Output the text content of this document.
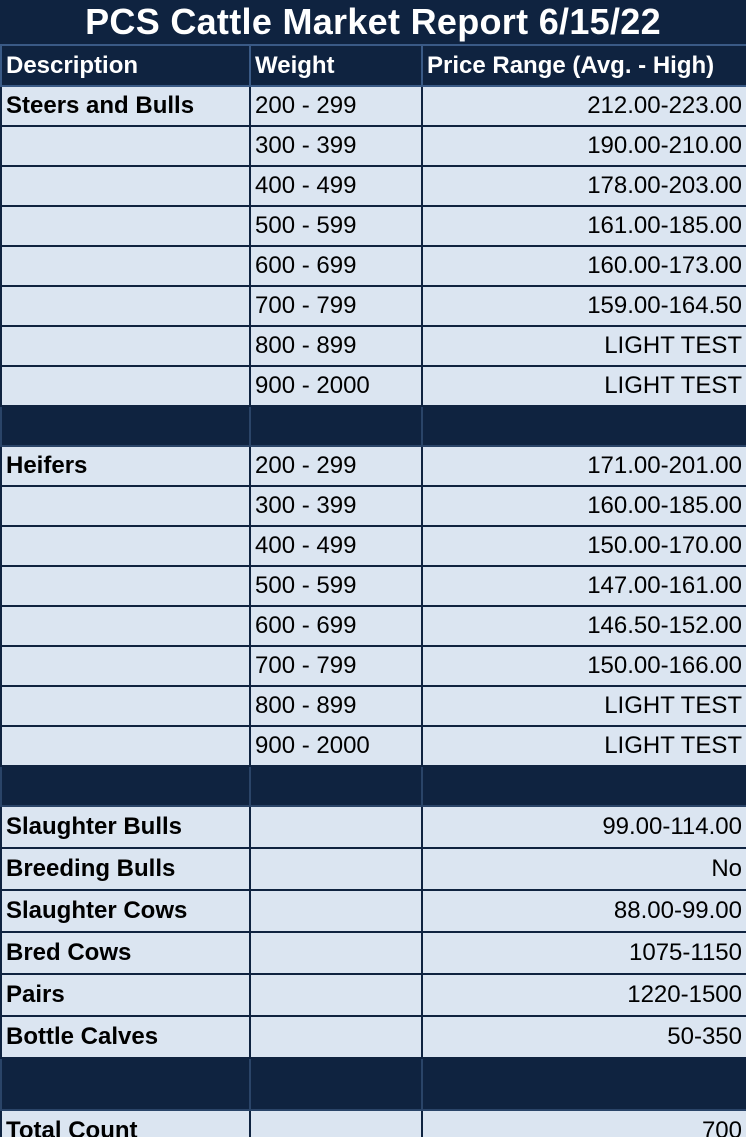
PCS Cattle Market Report 6/15/22
Description	Weight	Price Range (Avg. - High)
Steers and Bulls	200 - 299	212.00-223.00
	300 - 399	190.00-210.00
	400 - 499	178.00-203.00
	500 - 599	161.00-185.00
	600 - 699	160.00-173.00
	700 - 799	159.00-164.50
	800 - 899	LIGHT TEST
	900 - 2000	LIGHT TEST

Heifers	200 - 299	171.00-201.00
	300 - 399	160.00-185.00
	400 - 499	150.00-170.00
	500 - 599	147.00-161.00
	600 - 699	146.50-152.00
	700 - 799	150.00-166.00
	800 - 899	LIGHT TEST
	900 - 2000	LIGHT TEST

Slaughter Bulls		99.00-114.00
Breeding Bulls		No
Slaughter Cows		88.00-99.00
Bred Cows		1075-1150
Pairs		1220-1500
Bottle Calves		50-350

Total Count		700
